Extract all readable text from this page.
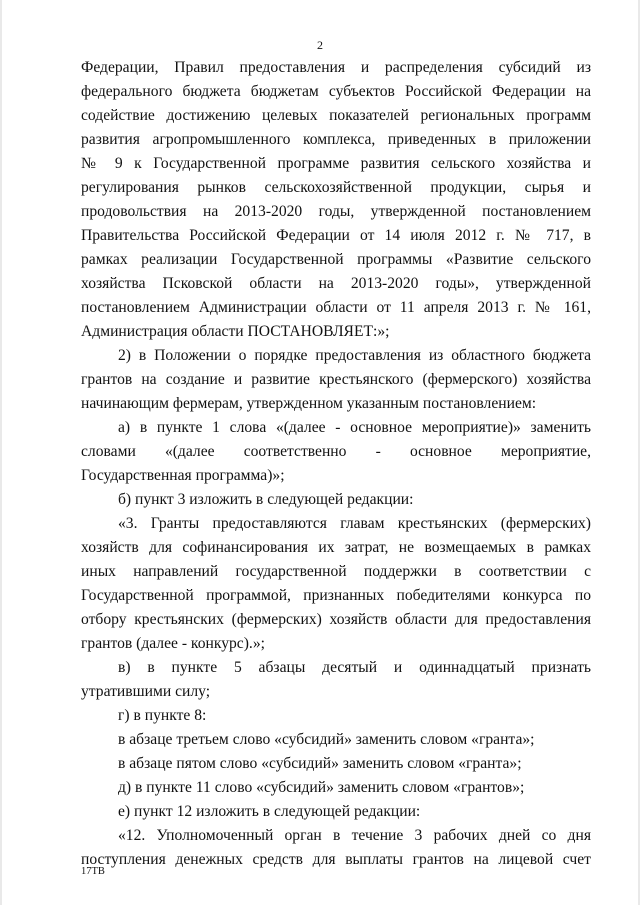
2
Федерации, Правил предоставления и распределения субсидий из
федерального бюджета бюджетам субъектов Российской Федерации на
содействие достижению целевых показателей региональных программ
развития агропромышленного комплекса, приведенных в приложении
№ 9 к Государственной программе развития сельского хозяйства и
регулирования рынков сельскохозяйственной продукции, сырья и
продовольствия на 2013-2020 годы, утвержденной постановлением
Правительства Российской Федерации от 14 июля 2012 г. № 717, в
рамках реализации Государственной программы «Развитие сельского
хозяйства Псковской области на 2013-2020 годы», утвержденной
постановлением Администрации области от 11 апреля 2013 г. № 161,
Администрация области ПОСТАНОВЛЯЕТ:»;
2) в Положении о порядке предоставления из областного бюджета
грантов на создание и развитие крестьянского (фермерского) хозяйства
начинающим фермерам, утвержденном указанным постановлением:
а) в пункте 1 слова «(далее - основное мероприятие)» заменить
словами «(далее соответственно - основное мероприятие,
Государственная программа)»;
б) пункт 3 изложить в следующей редакции:
«3. Гранты предоставляются главам крестьянских (фермерских)
хозяйств для софинансирования их затрат, не возмещаемых в рамках
иных направлений государственной поддержки в соответствии с
Государственной программой, признанных победителями конкурса по
отбору крестьянских (фермерских) хозяйств области для предоставления
грантов (далее - конкурс).»;
в) в пункте 5 абзацы десятый и одиннадцатый признать
утратившими силу;
г) в пункте 8:
в абзаце третьем слово «субсидий» заменить словом «гранта»;
в абзаце пятом слово «субсидий» заменить словом «гранта»;
д) в пункте 11 слово «субсидий» заменить словом «грантов»;
е) пункт 12 изложить в следующей редакции:
«12. Уполномоченный орган в течение 3 рабочих дней со дня
поступления денежных средств для выплаты грантов на лицевой счет
17ТВ
